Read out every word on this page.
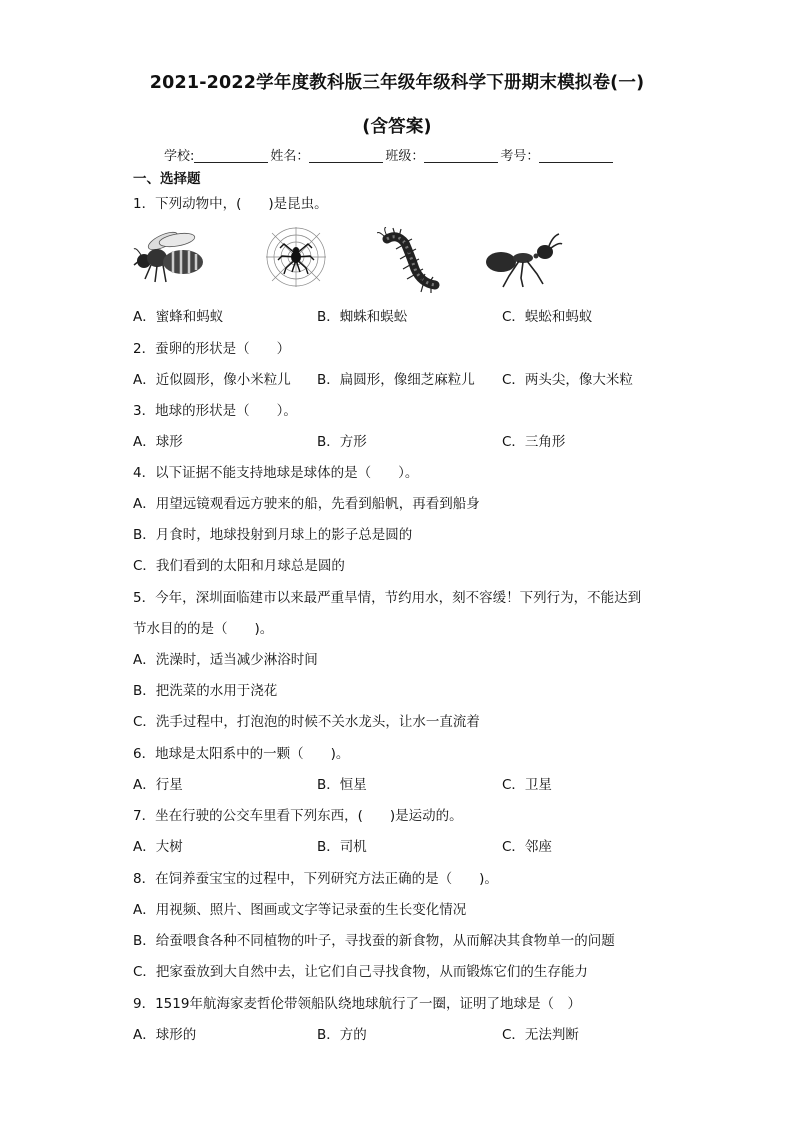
2021-2022学年度教科版三年级年级科学下册期末模拟卷(一)
(含答案)
学校:	姓名：	班级：	考号：
一、选择题
1．下列动物中，(　　)是昆虫。
A．蜜蜂和蚂蚁	B．蜘蛛和蜈蚣	C．蜈蚣和蚂蚁
2．蚕卵的形状是（　　）
A．近似圆形，像小米粒儿 B．扁圆形，像细芝麻粒儿 C．两头尖，像大米粒
3．地球的形状是（　　）。
A．球形	B．方形	C．三角形
4．以下证据不能支持地球是球体的是（　　）。
A．用望远镜观看远方驶来的船，先看到船帆，再看到船身
B．月食时，地球投射到月球上的影子总是圆的
C．我们看到的太阳和月球总是圆的
5．今年，深圳面临建市以来最严重旱情，节约用水，刻不容缓！下列行为，不能达到
节水目的的是（　　)。
A．洗澡时，适当减少淋浴时间
B．把洗菜的水用于浇花
C．洗手过程中，打泡泡的时候不关水龙头，让水一直流着
6．地球是太阳系中的一颗（　　)。
A．行星	B．恒星	C．卫星
7．坐在行驶的公交车里看下列东西，(　　)是运动的。
A．大树	B．司机	C．邻座
8．在饲养蚕宝宝的过程中，下列研究方法正确的是（　　)。
A．用视频、照片、图画或文字等记录蚕的生长变化情况
B．给蚕喂食各种不同植物的叶子，寻找蚕的新食物，从而解决其食物单一的问题
C．把家蚕放到大自然中去，让它们自己寻找食物，从而锻炼它们的生存能力
9．1519年航海家麦哲伦带领船队绕地球航行了一圈，证明了地球是（　）
A．球形的	B．方的	C．无法判断
